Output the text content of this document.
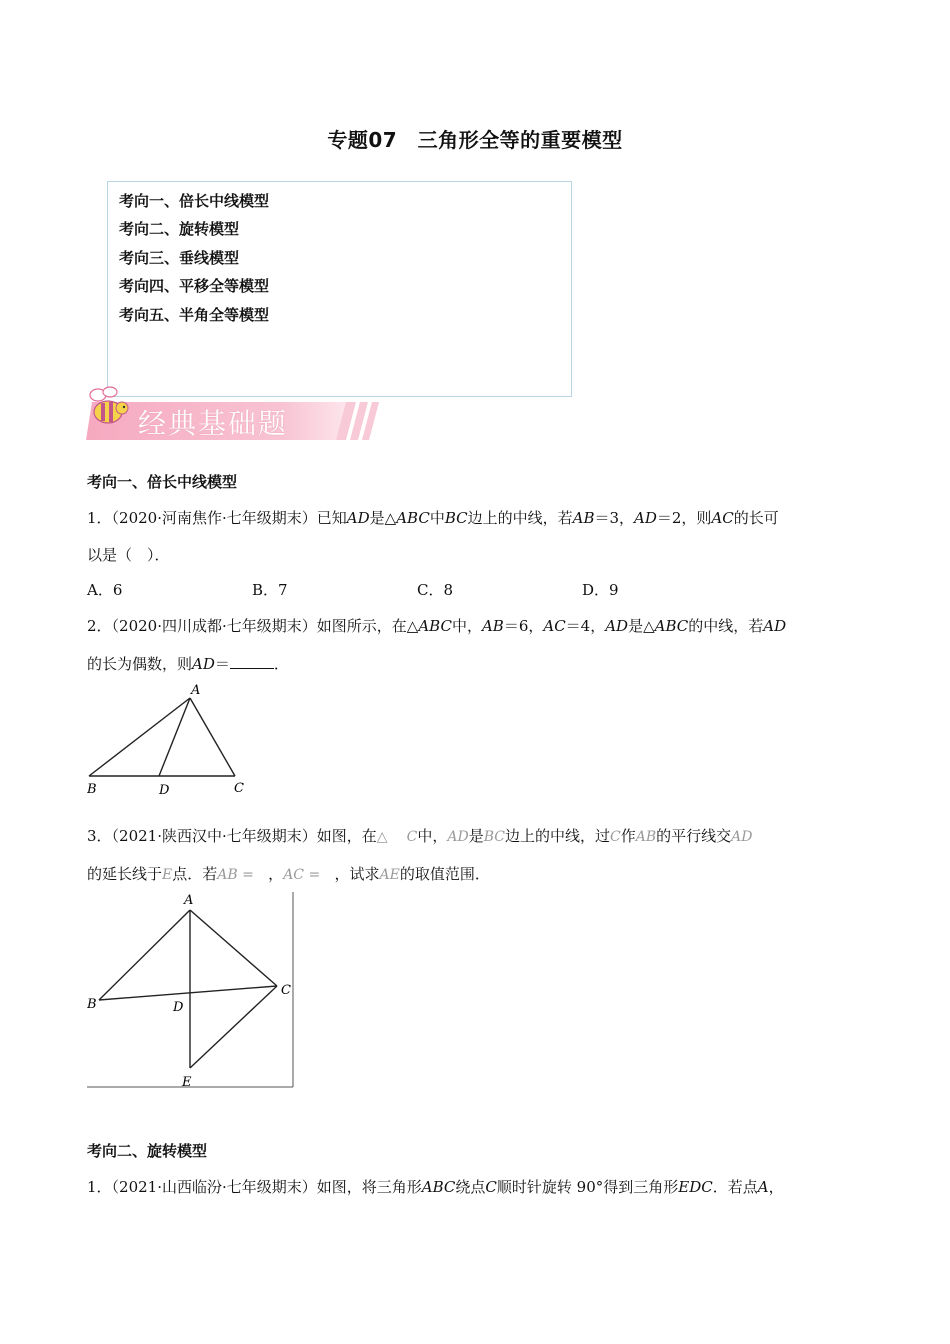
专题07　三角形全等的重要模型
考向一、倍长中线模型
考向二、旋转模型
考向三、垂线模型
考向四、平移全等模型
考向五、半角全等模型
经典基础题
考向一、倍长中线模型
1．（2020·河南焦作·七年级期末）已知AD是△ABC中BC边上的中线，若AB＝3，AD＝2，则AC的长可
以是（　）．
A．6	B．7	C．8	D．9
2．（2020·四川成都·七年级期末）如图所示，在△ABC中，AB＝6，AC＝4，AD是△ABC的中线，若AD
的长为偶数，则AD＝	．
A
B	D	C
3．（2021·陕西汉中·七年级期末）如图，在△ C中，AD是BC边上的中线，过C作AB的平行线交AD
的延长线于E点．若AB = ，AC = ，试求AE的取值范围．
A
B
C
D
E
考向二、旋转模型
1．（2021·山西临汾·七年级期末）如图，将三角形ABC绕点C顺时针旋转 90°得到三角形EDC．若点A，
